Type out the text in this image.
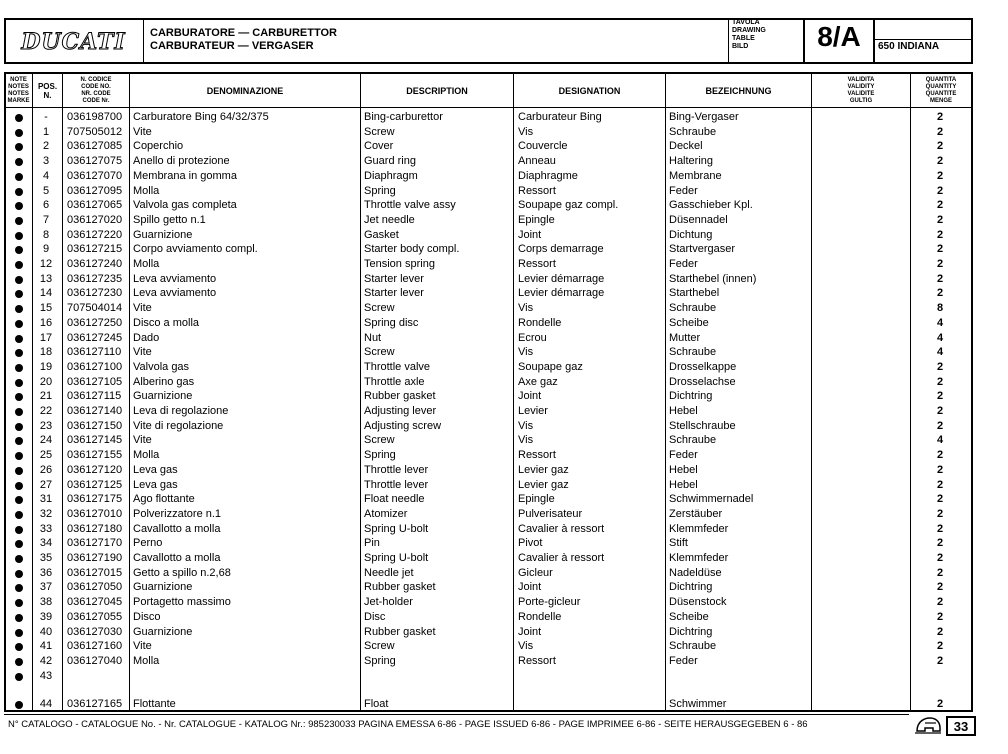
DUCATI CARBURATORE — CARBURETTOR
CARBURATEUR — VERGASER
TAVOLA
DRAWING
TABLE
BILD	8/A	650 INDIANA
NOTE
NOTES
NOTES
MARKE
POS.
N.
N. CODICE
CODE NO.
NR. CODE
CODE Nr.
DENOMINAZIONE	DESCRIPTION	DESIGNATION	BEZEICHNUNG
VALIDITA
VALIDITY
VALIDITE
GULTIG
QUANTITA
QUANTITY
QUANTITE
MENGE
-	036198700 Carburatore Bing 64/32/375	Bing-carburettor	Carburateur Bing	Bing-Vergaser	2
1	707505012 Vite	Screw	Vis	Schraube	2
2	036127085 Coperchio	Cover	Couvercle	Deckel	2
3	036127075 Anello di protezione	Guard ring	Anneau	Haltering	2
4	036127070 Membrana in gomma	Diaphragm	Diaphragme	Membrane	2
5	036127095 Molla	Spring	Ressort	Feder	2
6	036127065 Valvola gas completa	Throttle valve assy	Soupape gaz compl.	Gasschieber Kpl.	2
7	036127020 Spillo getto n.1	Jet needle	Epingle	Düsennadel	2
8	036127220 Guarnizione	Gasket	Joint	Dichtung	2
9	036127215 Corpo avviamento compl.	Starter body compl.	Corps demarrage	Startvergaser	2
12	036127240 Molla	Tension spring	Ressort	Feder	2
13	036127235 Leva avviamento	Starter lever	Levier démarrage	Starthebel (innen)	2
14	036127230 Leva avviamento	Starter lever	Levier démarrage	Starthebel	2
15	707504014 Vite	Screw	Vis	Schraube	8
16	036127250 Disco a molla	Spring disc	Rondelle	Scheibe	4
17	036127245 Dado	Nut	Ecrou	Mutter	4
18	036127110 Vite	Screw	Vis	Schraube	4
19	036127100 Valvola gas	Throttle valve	Soupape gaz	Drosselkappe	2
20	036127105 Alberino gas	Throttle axle	Axe gaz	Drosselachse	2
21	036127115 Guarnizione	Rubber gasket	Joint	Dichtring	2
22	036127140 Leva di regolazione	Adjusting lever	Levier	Hebel	2
23	036127150 Vite di regolazione	Adjusting screw	Vis	Stellschraube	2
24	036127145 Vite	Screw	Vis	Schraube	4
25	036127155 Molla	Spring	Ressort	Feder	2
26	036127120 Leva gas	Throttle lever	Levier gaz	Hebel	2
27	036127125 Leva gas	Throttle lever	Levier gaz	Hebel	2
31	036127175 Ago flottante	Float needle	Epingle	Schwimmernadel	2
32	036127010 Polverizzatore n.1	Atomizer	Pulverisateur	Zerstäuber	2
33	036127180 Cavallotto a molla	Spring U-bolt	Cavalier à ressort	Klemmfeder	2
34	036127170 Perno	Pin	Pivot	Stift	2
35	036127190 Cavallotto a molla	Spring U-bolt	Cavalier à ressort	Klemmfeder	2
36	036127015 Getto a spillo n.2,68	Needle jet	Gicleur	Nadeldüse	2
37	036127050 Guarnizione	Rubber gasket	Joint	Dichtring	2
38	036127045 Portagetto massimo	Jet-holder	Porte-gicleur	Düsenstock	2
39	036127055 Disco	Disc	Rondelle	Scheibe	2
40	036127030 Guarnizione	Rubber gasket	Joint	Dichtring	2
41	036127160 Vite	Screw	Vis	Schraube	2
42	036127040 Molla	Spring	Ressort	Feder	2
43
44	036127165 Flottante	Float	Schwimmer	2
N° CATALOGO - CATALOGUE No. - Nr. CATALOGUE - KATALOG Nr.: 985230033 PAGINA EMESSA 6-86 - PAGE ISSUED 6-86 - PAGE IMPRIMEE 6-86 - SEITE HERAUSGEGEBEN 6 - 86	33
